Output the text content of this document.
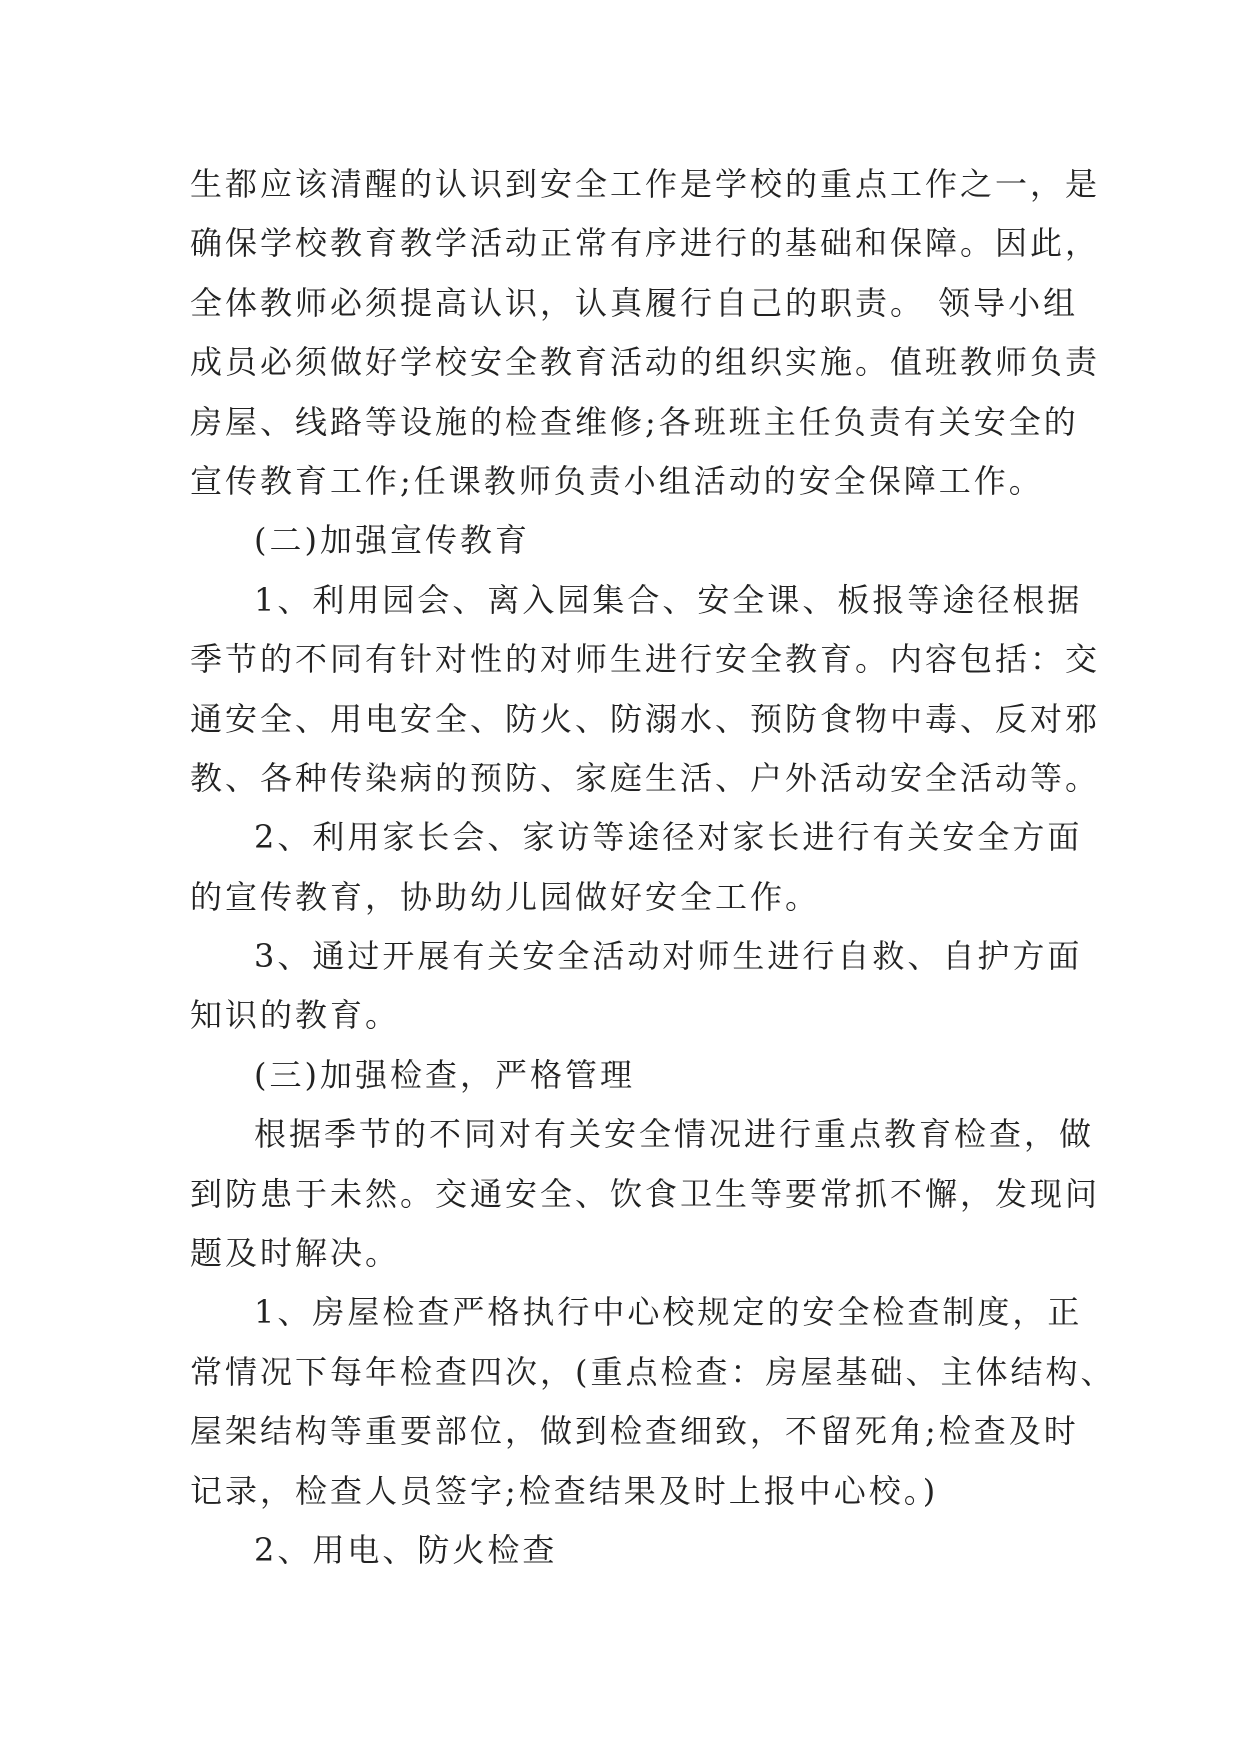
生都应该清醒的认识到安全工作是学校的重点工作之一，是
确保学校教育教学活动正常有序进行的基础和保障。因此，
全体教师必须提高认识，认真履行自己的职责。 领导小组
成员必须做好学校安全教育活动的组织实施。值班教师负责
房屋、线路等设施的检查维修;各班班主任负责有关安全的
宣传教育工作;任课教师负责小组活动的安全保障工作。
(二)加强宣传教育
1、利用园会、离入园集合、安全课、板报等途径根据
季节的不同有针对性的对师生进行安全教育。内容包括：交
通安全、用电安全、防火、防溺水、预防食物中毒、反对邪
教、各种传染病的预防、家庭生活、户外活动安全活动等。
2、利用家长会、家访等途径对家长进行有关安全方面
的宣传教育，协助幼儿园做好安全工作。
3、通过开展有关安全活动对师生进行自救、自护方面
知识的教育。
(三)加强检查，严格管理
根据季节的不同对有关安全情况进行重点教育检查，做
到防患于未然。交通安全、饮食卫生等要常抓不懈，发现问
题及时解决。
1、房屋检查严格执行中心校规定的安全检查制度，正
常情况下每年检查四次，(重点检查：房屋基础、主体结构、
屋架结构等重要部位，做到检查细致，不留死角;检查及时
记录，检查人员签字;检查结果及时上报中心校。)
2、用电、防火检查
